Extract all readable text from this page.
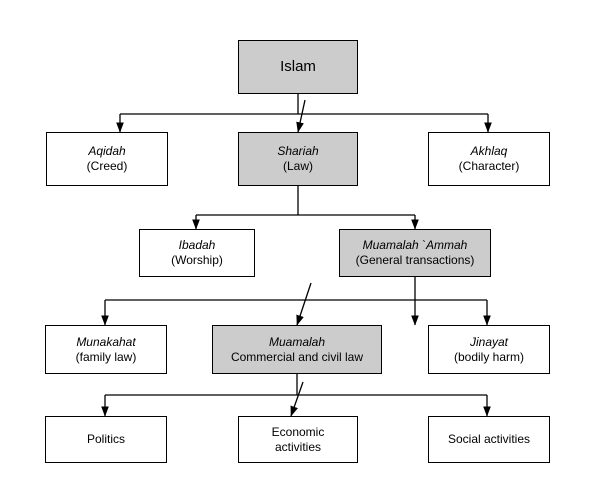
Islam
Aqidah
(Creed)
Shariah
(Law)
Akhlaq
(Character)
Ibadah
(Worship)
Muamalah `Ammah
(General transactions)
Munakahat
(family law)
Muamalah
Commercial and civil law
Jinayat
(bodily harm)
Politics
Economic
activities
Social activities
